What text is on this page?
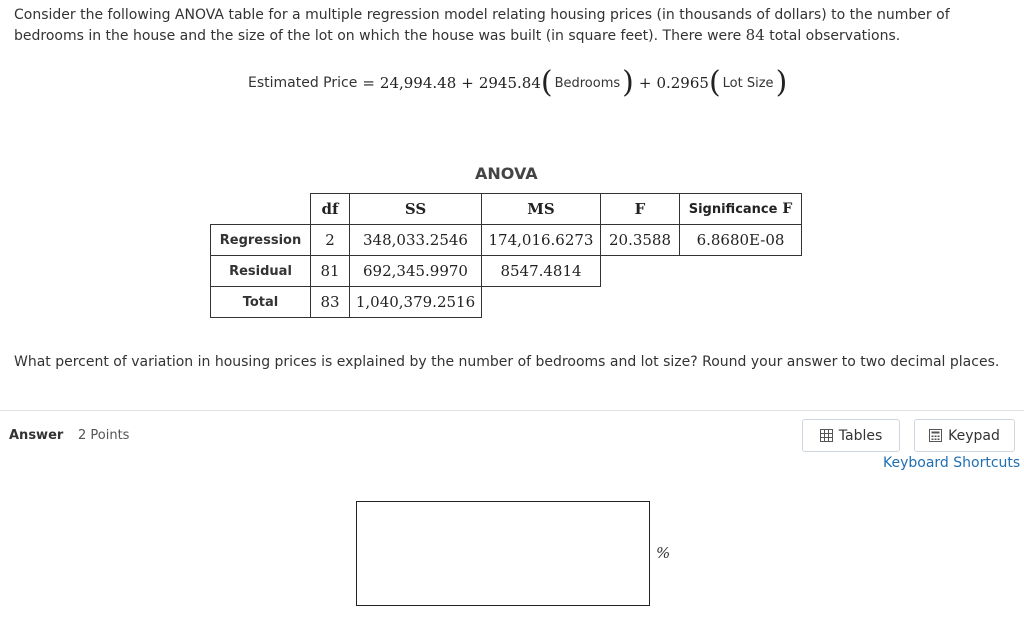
Consider the following ANOVA table for a multiple regression model relating housing prices (in thousands of dollars) to the number of bedrooms in the house and the size of the lot on which the house was built (in square feet). There were 84 total observations.
Estimated Price = 24,994.48 + 2945.84 ( Bedrooms ) + 0.2965 ( Lot Size )
ANOVA
	df	SS	MS	F	Significance F
Regression	2	348,033.2546	174,016.6273	20.3588	6.8680E-08
Residual	81	692,345.9970	8547.4814		
Total	83	1,040,379.2516			
What percent of variation in housing prices is explained by the number of bedrooms and lot size? Round your answer to two decimal places.
Answer 2 Points	Tables	Keypad
Keyboard Shortcuts
%
